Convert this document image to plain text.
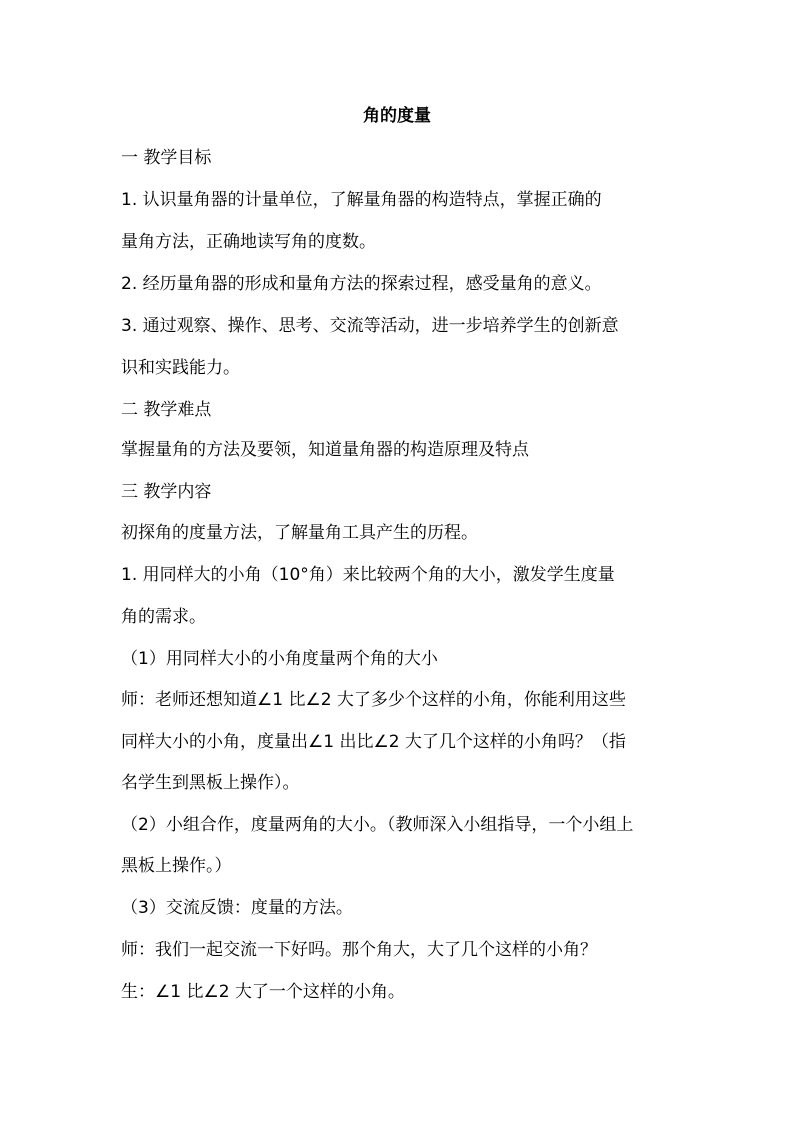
角的度量
一 教学目标
1. 认识量角器的计量单位，了解量角器的构造特点，掌握正确的
量角方法，正确地读写角的度数。
2. 经历量角器的形成和量角方法的探索过程，感受量角的意义。
3. 通过观察、操作、思考、交流等活动，进一步培养学生的创新意
识和实践能力。
二 教学难点
掌握量角的方法及要领，知道量角器的构造原理及特点
三 教学内容
初探角的度量方法，了解量角工具产生的历程。
1. 用同样大的小角（10°角）来比较两个角的大小，激发学生度量
角的需求。
（1）用同样大小的小角度量两个角的大小
师：老师还想知道∠1 比∠2 大了多少个这样的小角，你能利用这些
同样大小的小角，度量出∠1 出比∠2 大了几个这样的小角吗？（指
名学生到黑板上操作）。
（2）小组合作，度量两角的大小。（教师深入小组指导，一个小组上
黑板上操作。）
（3）交流反馈：度量的方法。
师：我们一起交流一下好吗。那个角大，大了几个这样的小角？
生：∠1 比∠2 大了一个这样的小角。
